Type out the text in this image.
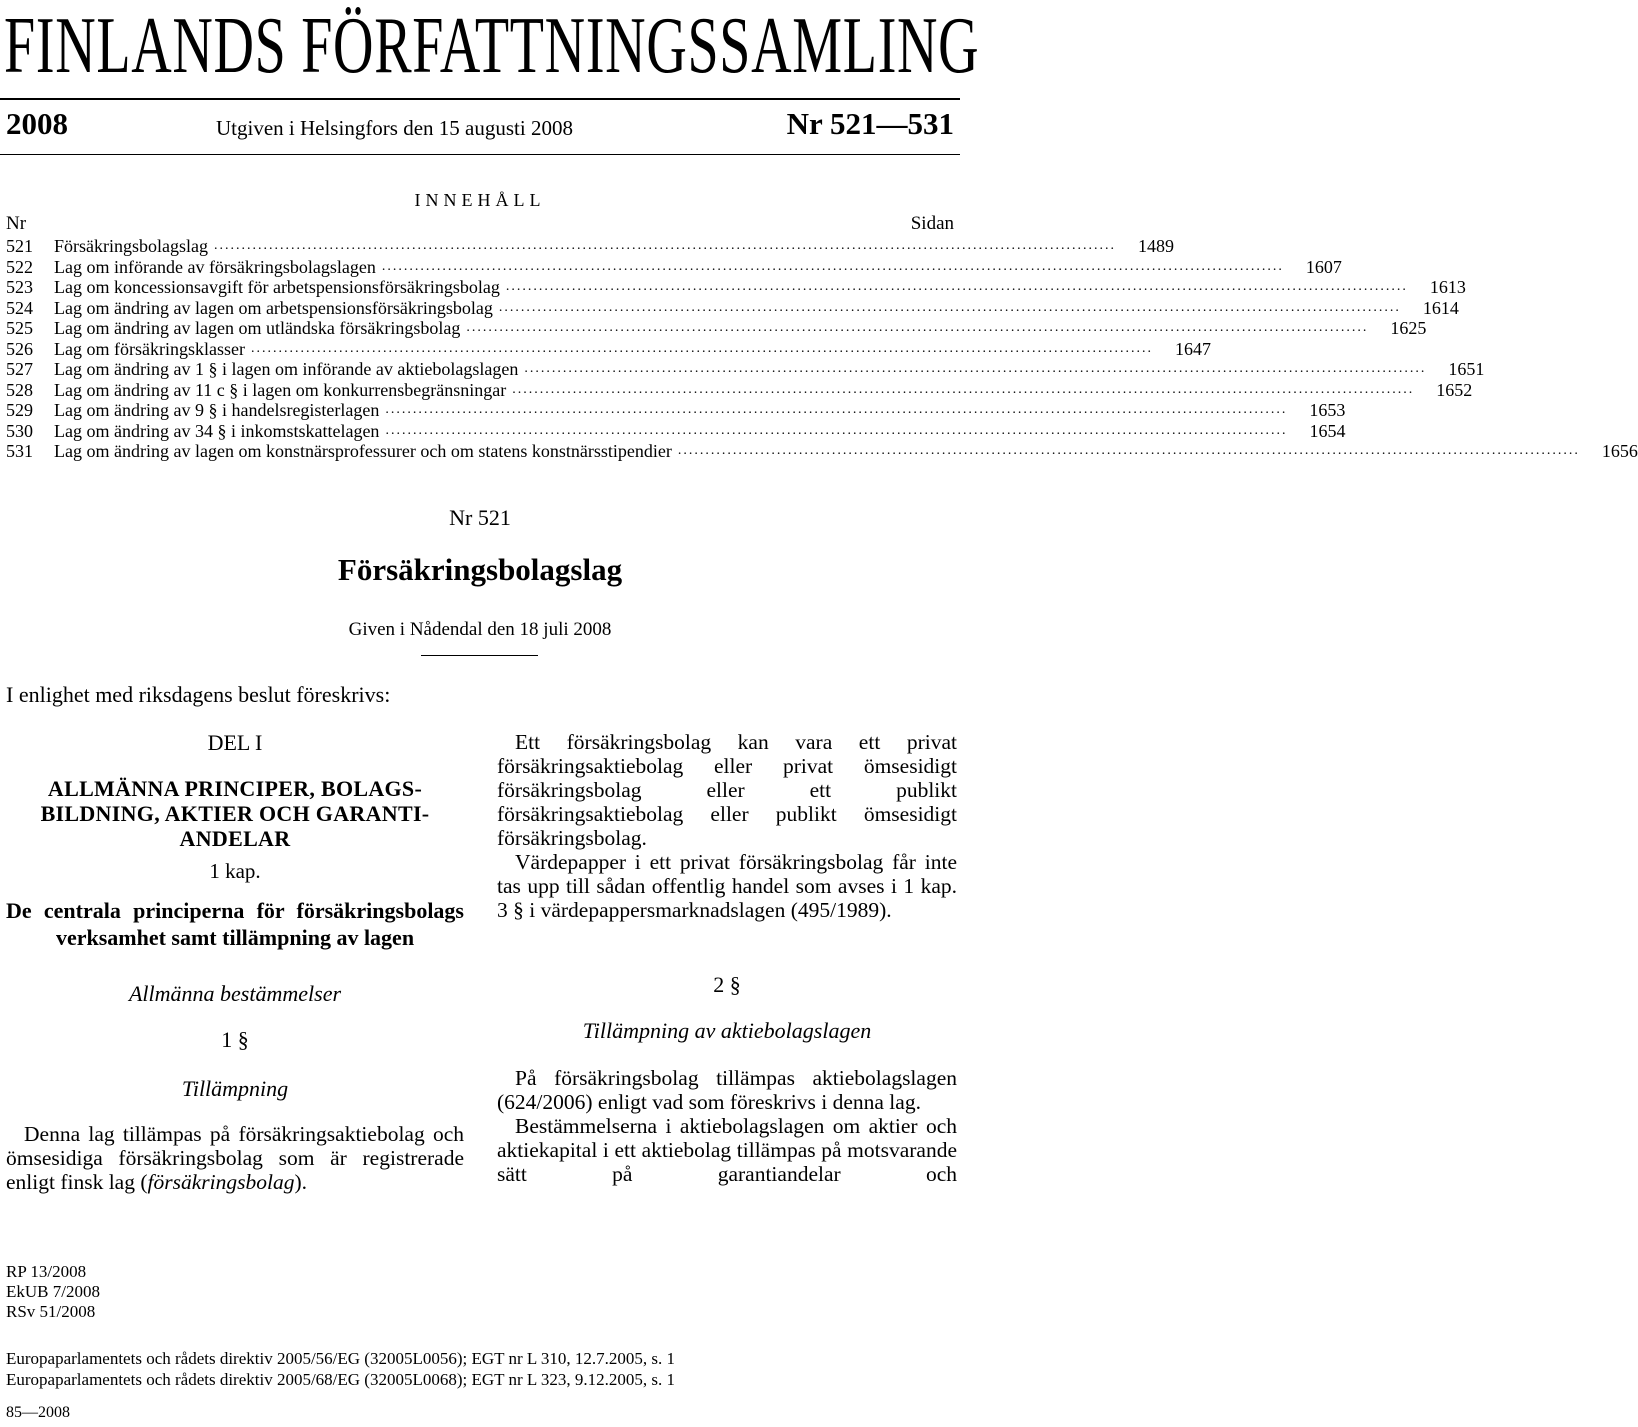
FINLANDS FÖRFATTNINGSSAMLING
2008	Utgiven i Helsingfors den 15 augusti 2008	Nr 521—531
INNEHÅLL
Nr	Sidan
521	Försäkringsbolagslag ....................................................................................................................................................................	1489
522	Lag om införande av försäkringsbolagslagen ....................................................................................................................................................................	1607
523	Lag om koncessionsavgift för arbetspensionsförsäkringsbolag ....................................................................................................................................................................	1613
524	Lag om ändring av lagen om arbetspensionsförsäkringsbolag ....................................................................................................................................................................	1614
525	Lag om ändring av lagen om utländska försäkringsbolag ....................................................................................................................................................................	1625
526	Lag om försäkringsklasser ....................................................................................................................................................................	1647
527	Lag om ändring av 1 § i lagen om införande av aktiebolagslagen ....................................................................................................................................................................	1651
528	Lag om ändring av 11 c § i lagen om konkurrensbegränsningar ....................................................................................................................................................................	1652
529	Lag om ändring av 9 § i handelsregisterlagen ....................................................................................................................................................................	1653
530	Lag om ändring av 34 § i inkomstskattelagen ....................................................................................................................................................................	1654
531	Lag om ändring av lagen om konstnärsprofessurer och om statens konstnärsstipendier ....................................................................................................................................................................	1656
Nr 521
Försäkringsbolagslag
Given i Nådendal den 18 juli 2008
I enlighet med riksdagens beslut föreskrivs:
DEL I
ALLMÄNNA PRINCIPER, BOLAGS-
BILDNING, AKTIER OCH GARANTI-
ANDELAR
1 kap.
De centrala principerna för försäkringsbolags verksamhet samt tillämpning av lagen
Allmänna bestämmelser
1 §
Tillämpning

Denna lag tillämpas på försäkringsaktiebolag och ömsesidiga försäkringsbolag som är registrerade enligt finsk lag (försäkringsbolag).

Ett försäkringsbolag kan vara ett privat försäkringsaktiebolag eller privat ömsesidigt försäkringsbolag eller ett publikt försäkringsaktiebolag eller publikt ömsesidigt försäkringsbolag.

Värdepapper i ett privat försäkringsbolag får inte tas upp till sådan offentlig handel som avses i 1 kap. 3 § i värdepappersmarknadslagen (495/1989).

2 §
Tillämpning av aktiebolagslagen

På försäkringsbolag tillämpas aktiebolagslagen (624/2006) enligt vad som föreskrivs i denna lag.

Bestämmelserna i aktiebolagslagen om aktier och aktiekapital i ett aktiebolag tillämpas på motsvarande sätt på garantiandelar och

RP 13/2008
EkUB 7/2008
RSv 51/2008
Europaparlamentets och rådets direktiv 2005/56/EG (32005L0056); EGT nr L 310, 12.7.2005, s. 1
Europaparlamentets och rådets direktiv 2005/68/EG (32005L0068); EGT nr L 323, 9.12.2005, s. 1
85—2008
